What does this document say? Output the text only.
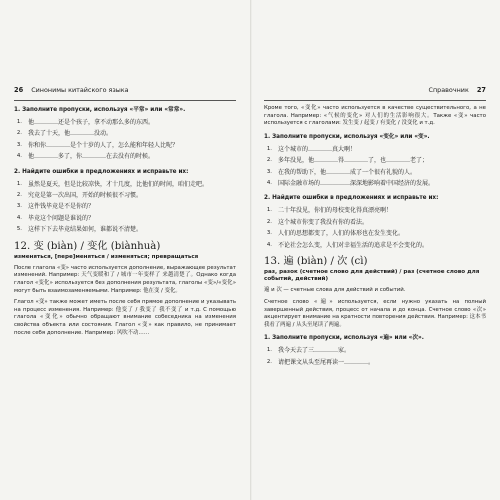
26 Синонимы китайского языка
1. Заполните пропуски, используя «平常» или «常常».
1. 他…………还是个孩子，拿不动那么多的东西。
2. 我去了十天，他…………没动。
3. 你和你…………是个十岁的人了，怎么能和年轻人比呢？
4. 他…………多了，你…………在去没有的时候。
2. Найдите ошибки в предложениях и исправьте их:
1. 虽然是夏天，但是比较凉快，才十几度，比他们的时间，咱们走吧。
2. 究竟是第一次出国，开始的时候很不习惯。
3. 这件钱毕竟是不是你的？
4. 毕竟这个问题是谁说的？
5. 这样下下去毕竟结果如何，谁都说不清楚。
12. 变 (biàn) / 变化 (biànhuà)
изменяться, [пере]меняться / изменяться; превращаться
После глагола «变» часто используется дополнение, выражающее результат изменений. Например: 天气变暖和了 / 城市一年变样了 来越清楚了。Однако когда глагол «变化» используется без дополнения результата, глаголы «变»/«变化» могут быть взаимозаменяемыми. Например: 他在变 / 变化。
Глагол «变» также может иметь после себя прямое дополнение и указывать на процесс изменения. Например: 他变了 / 我变了 我不变了 и т.д. С помощью глагола «变化» обычно обращают внимание собеседника на изменения свойства объекта или состояния. Глагол «变» как правило, не принимает после себя дополнение. Например: 风吹不动……
Справочник 27
Кроме того, «变化» часто используется в качестве существительного, а не глагола. Например: «气候的变化» 对人们的生活影响很大。Также «变» часто используется с глаголами: 发生变 / 起变 / 有变化 / 没变化 и т.д.
1. Заполните пропуски, используя «变化» или «变».
1. 这个城市的…………真大啊！
2. 多年没见，他…………得…………了，也…………老了；
3. 在我的帮助下，他…………成了一个很有礼貌的人。
4. 国际金融市场的……………深深地影响着中国经济的发展。
2. Найдите ошибки в предложениях и исправьте их:
1. 二十年没见，你们的母校变化得真漂亮啊！
2. 这个城市你变了我没有你的看法。
3. 人们的思想都变了，人们的体形也在发生变化。
4. 不论社会怎么变，人们对幸福生活的追求是不会变化的。
13. 遍 (biàn) / 次 (cì)
раз, разок (счетное слово для действий) / раз (счетное слово для событий, действий)
遍 и 次 — счетные слова для действий и событий.
Счетное слово «遍» используется, если нужно указать на полный завершенный действия, процесс от начала и до конца. Счетное слово «次» акцентирует внимание на кратности повторения действия. Например: 这本书我看了两遍 / 从头至尾读了两遍。
1. Заполните пропуски, используя «遍» или «次».
1. 我今天去了三…………家。
2. 请把课文从头至尾再读一…………。
